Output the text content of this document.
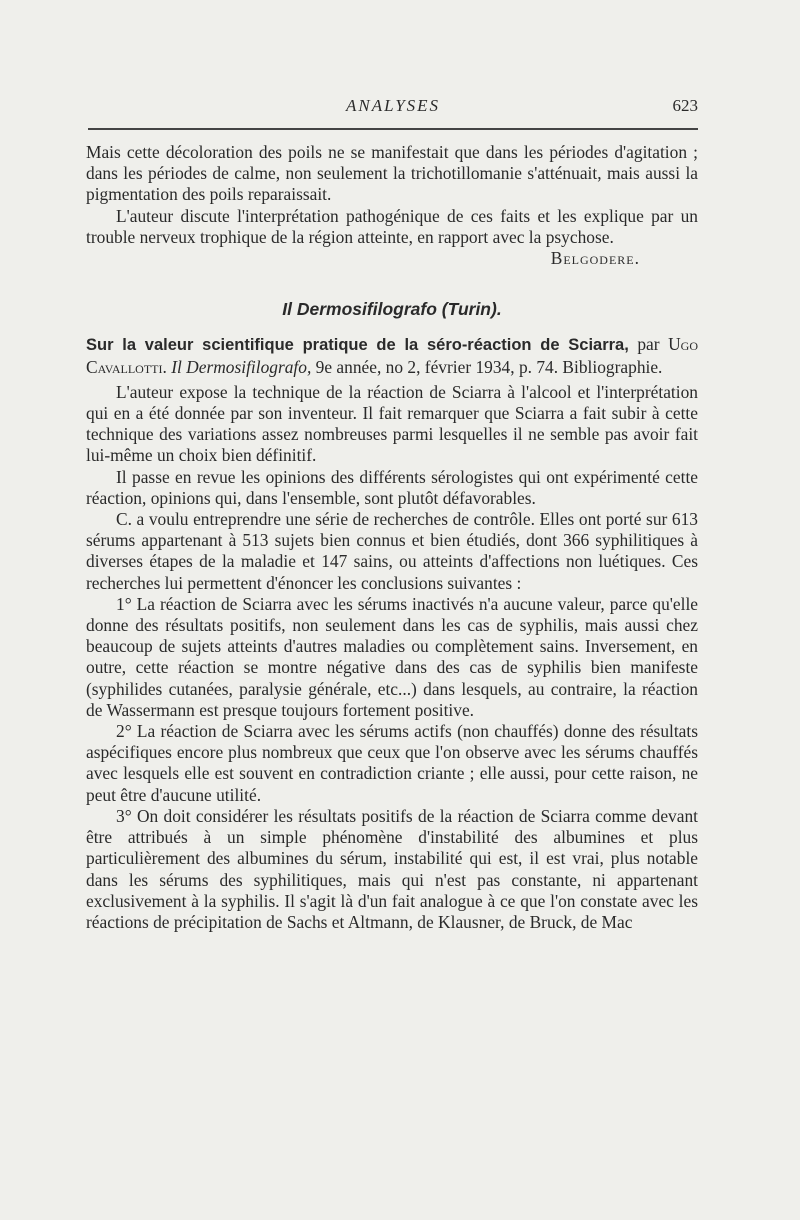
ANALYSES	623

Mais cette décoloration des poils ne se manifestait que dans les périodes d'agitation ; dans les périodes de calme, non seulement la trichotillomanie s'atténuait, mais aussi la pigmentation des poils reparaissait.

L'auteur discute l'interprétation pathogénique de ces faits et les explique par un trouble nerveux trophique de la région atteinte, en rapport avec la psychose.

Belgodere.

Il Dermosifilografo (Turin).

Sur la valeur scientifique pratique de la séro-réaction de Sciarra, par Ugo Cavallotti. Il Dermosifilografo, 9e année, no 2, février 1934, p. 74. Bibliographie.

L'auteur expose la technique de la réaction de Sciarra à l'alcool et l'interprétation qui en a été donnée par son inventeur. Il fait remarquer que Sciarra a fait subir à cette technique des variations assez nombreuses parmi lesquelles il ne semble pas avoir fait lui-même un choix bien définitif.

Il passe en revue les opinions des différents sérologistes qui ont expérimenté cette réaction, opinions qui, dans l'ensemble, sont plutôt défavorables.

C. a voulu entreprendre une série de recherches de contrôle. Elles ont porté sur 613 sérums appartenant à 513 sujets bien connus et bien étudiés, dont 366 syphilitiques à diverses étapes de la maladie et 147 sains, ou atteints d'affections non luétiques. Ces recherches lui permettent d'énoncer les conclusions suivantes :

1° La réaction de Sciarra avec les sérums inactivés n'a aucune valeur, parce qu'elle donne des résultats positifs, non seulement dans les cas de syphilis, mais aussi chez beaucoup de sujets atteints d'autres maladies ou complètement sains. Inversement, en outre, cette réaction se montre négative dans des cas de syphilis bien manifeste (syphilides cutanées, paralysie générale, etc...) dans lesquels, au contraire, la réaction de Wassermann est presque toujours fortement positive.

2° La réaction de Sciarra avec les sérums actifs (non chauffés) donne des résultats aspécifiques encore plus nombreux que ceux que l'on observe avec les sérums chauffés avec lesquels elle est souvent en contradiction criante ; elle aussi, pour cette raison, ne peut être d'aucune utilité.

3° On doit considérer les résultats positifs de la réaction de Sciarra comme devant être attribués à un simple phénomène d'instabilité des albumines et plus particulièrement des albumines du sérum, instabilité qui est, il est vrai, plus notable dans les sérums des syphilitiques, mais qui n'est pas constante, ni appartenant exclusivement à la syphilis. Il s'agit là d'un fait analogue à ce que l'on constate avec les réactions de précipitation de Sachs et Altmann, de Klausner, de Bruck, de Mac
